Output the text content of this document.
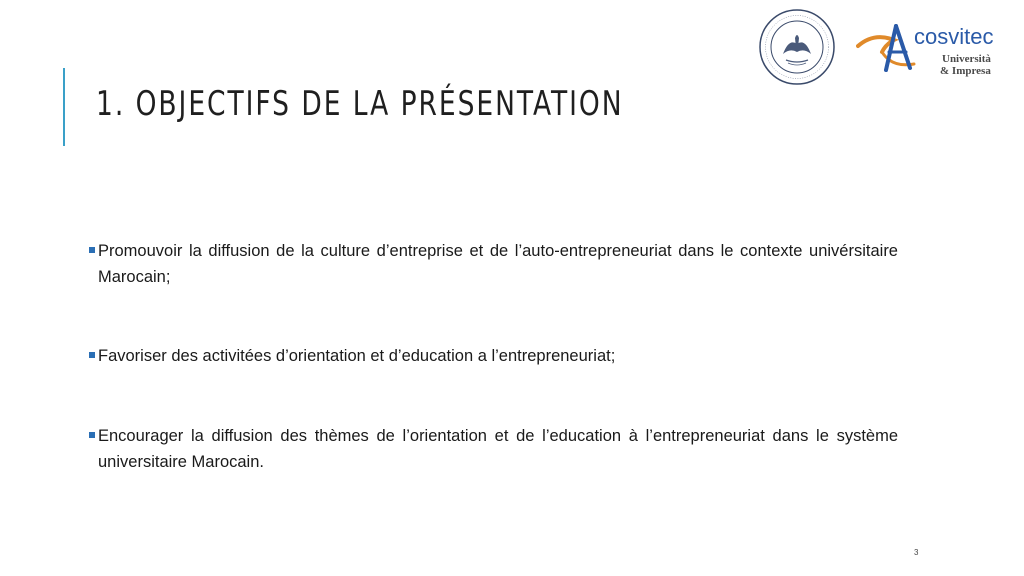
1. OBJECTIFS DE LA PRÉSENTATION
cosvitec
Università
& Impresa
Promouvoir la diffusion de la culture d’entreprise et de l’auto-entrepreneuriat dans le contexte univérsitaire Marocain;
Favoriser des activitées d’orientation et d’education a l’entrepreneuriat;
Encourager la diffusion des thèmes de l’orientation et de l’education à l’entrepreneuriat dans le système universitaire Marocain.
3
